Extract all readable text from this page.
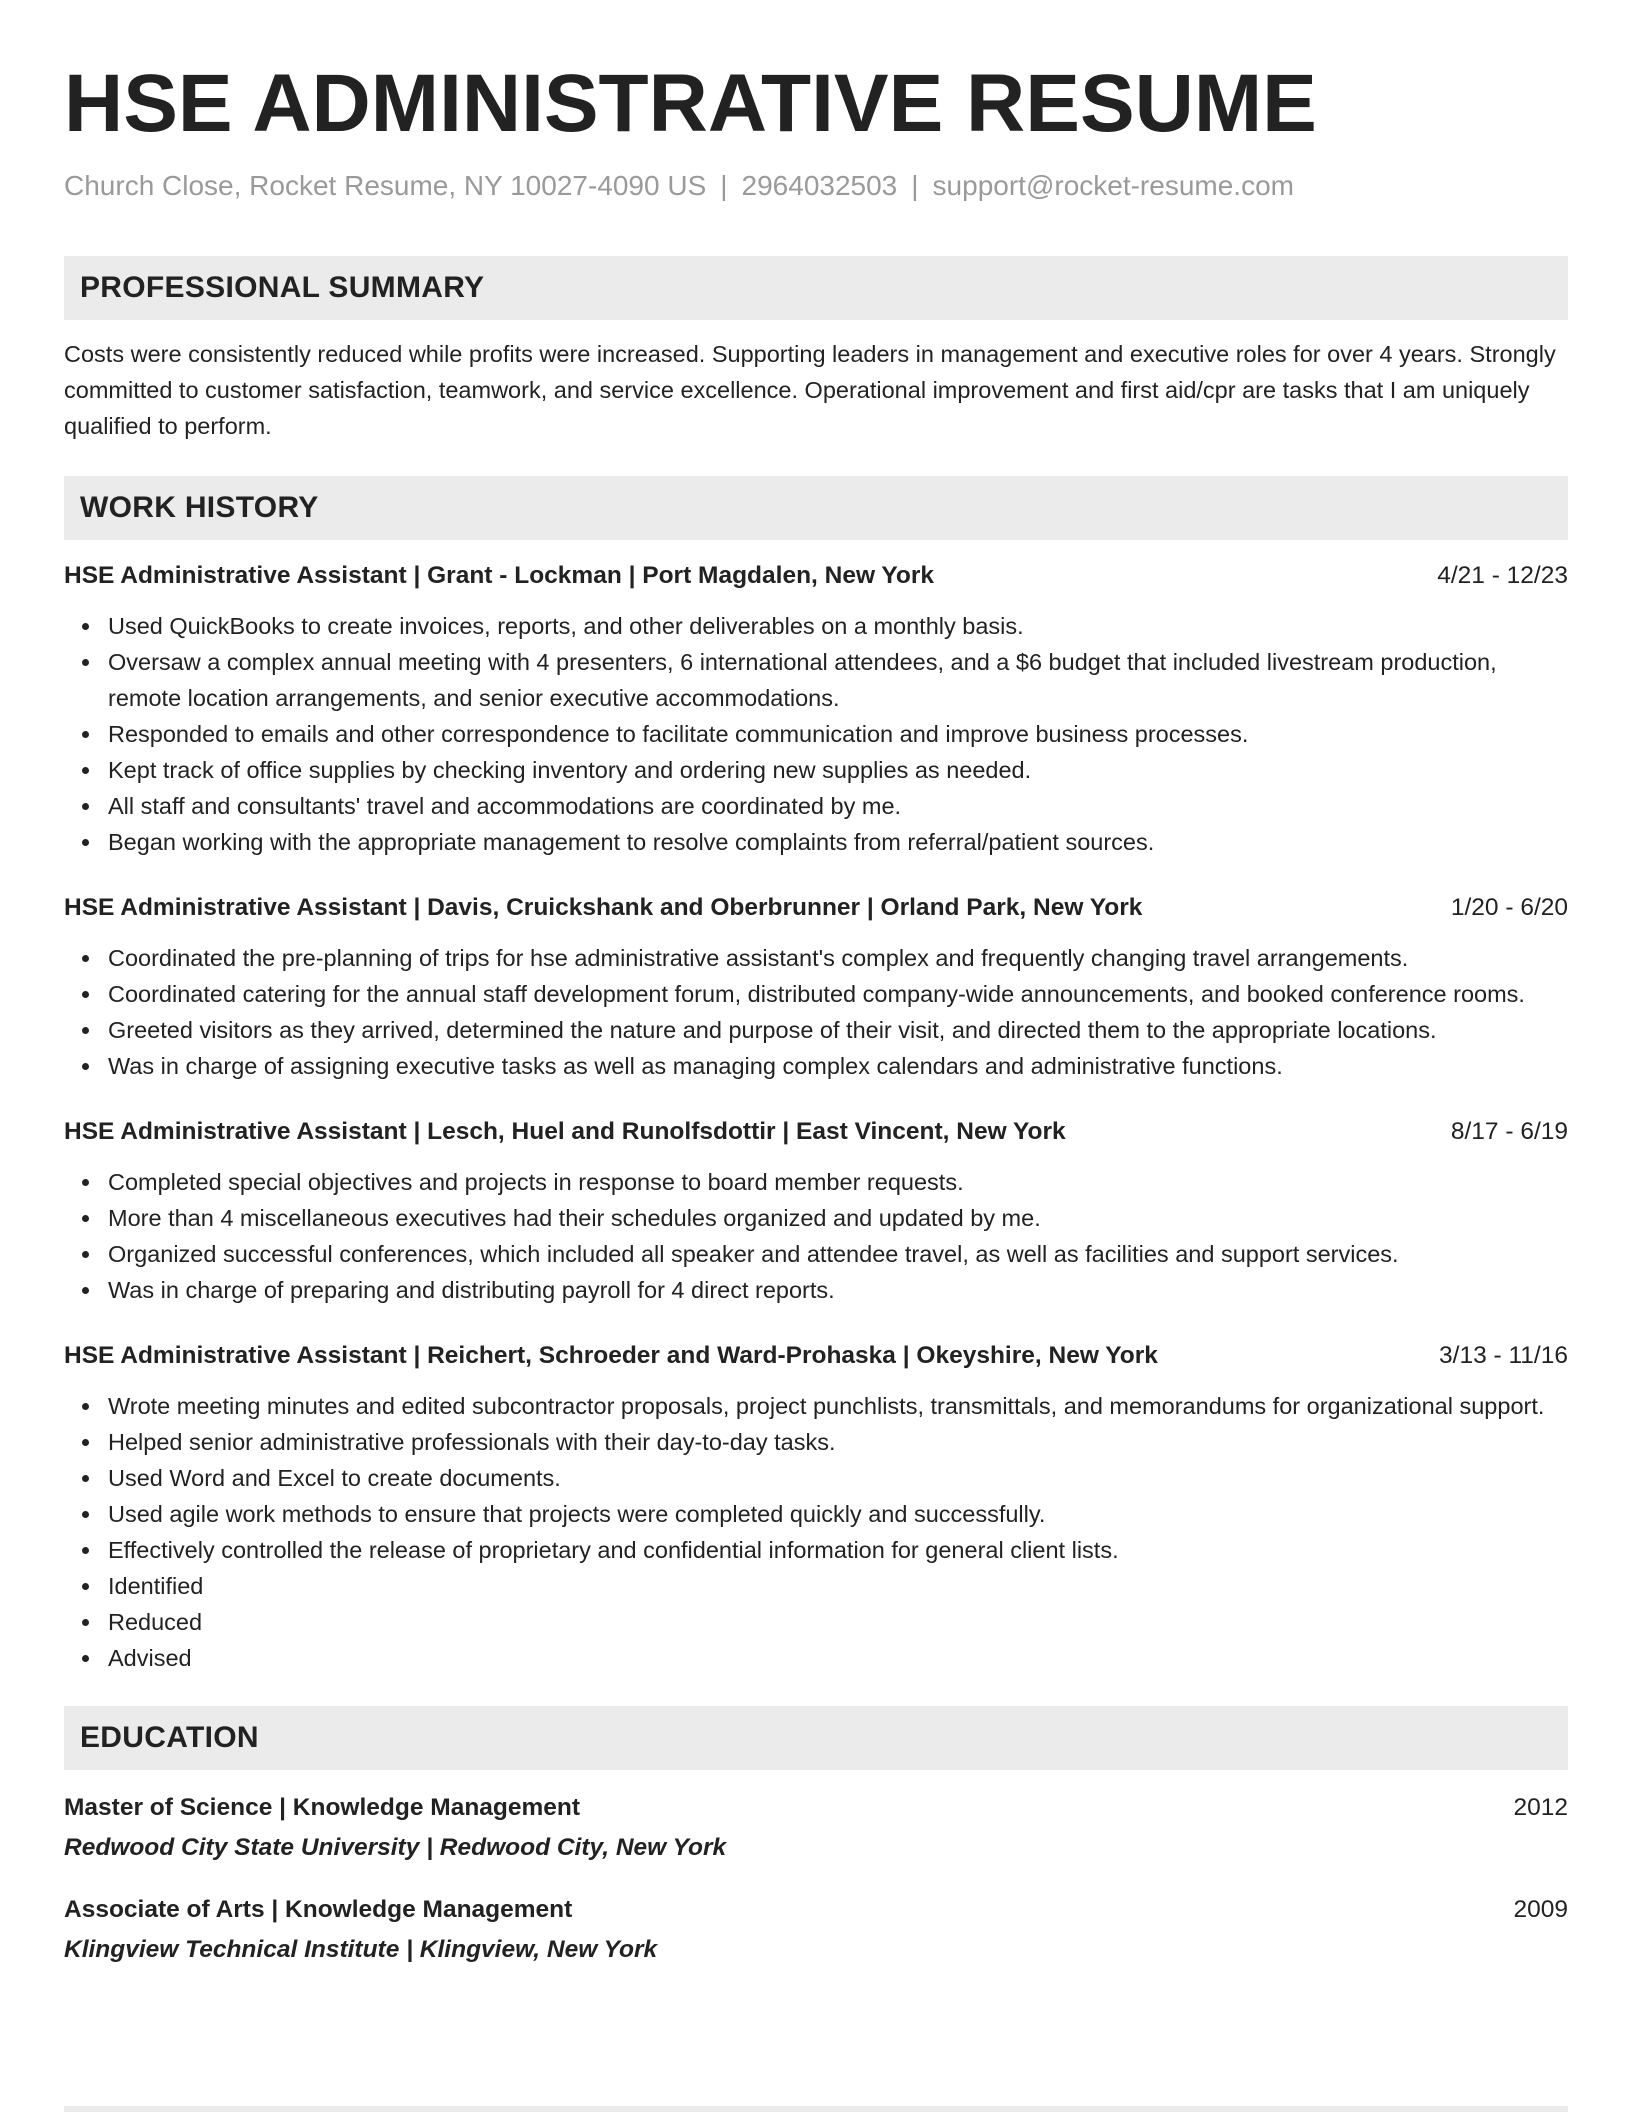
HSE ADMINISTRATIVE RESUME
Church Close, Rocket Resume, NY 10027-4090 US | 2964032503 | support@rocket-resume.com
PROFESSIONAL SUMMARY

Costs were consistently reduced while profits were increased. Supporting leaders in management and executive roles for over 4 years. Strongly committed to customer satisfaction, teamwork, and service excellence. Operational improvement and first aid/cpr are tasks that I am uniquely qualified to perform.

WORK HISTORY
HSE Administrative Assistant | Grant - Lockman | Port Magdalen, New York	4/21 - 12/23
Used QuickBooks to create invoices, reports, and other deliverables on a monthly basis.
Oversaw a complex annual meeting with 4 presenters, 6 international attendees, and a $6 budget that included livestream production, remote location arrangements, and senior executive accommodations.
Responded to emails and other correspondence to facilitate communication and improve business processes.
Kept track of office supplies by checking inventory and ordering new supplies as needed.
All staff and consultants' travel and accommodations are coordinated by me.
Began working with the appropriate management to resolve complaints from referral/patient sources.
HSE Administrative Assistant | Davis, Cruickshank and Oberbrunner | Orland Park, New York	1/20 - 6/20
Coordinated the pre-planning of trips for hse administrative assistant's complex and frequently changing travel arrangements.
Coordinated catering for the annual staff development forum, distributed company-wide announcements, and booked conference rooms.
Greeted visitors as they arrived, determined the nature and purpose of their visit, and directed them to the appropriate locations.
Was in charge of assigning executive tasks as well as managing complex calendars and administrative functions.
HSE Administrative Assistant | Lesch, Huel and Runolfsdottir | East Vincent, New York	8/17 - 6/19
Completed special objectives and projects in response to board member requests.
More than 4 miscellaneous executives had their schedules organized and updated by me.
Organized successful conferences, which included all speaker and attendee travel, as well as facilities and support services.
Was in charge of preparing and distributing payroll for 4 direct reports.
HSE Administrative Assistant | Reichert, Schroeder and Ward-Prohaska | Okeyshire, New York	3/13 - 11/16
Wrote meeting minutes and edited subcontractor proposals, project punchlists, transmittals, and memorandums for organizational support.
Helped senior administrative professionals with their day-to-day tasks.
Used Word and Excel to create documents.
Used agile work methods to ensure that projects were completed quickly and successfully.
Effectively controlled the release of proprietary and confidential information for general client lists.
Identified
Reduced
Advised
EDUCATION
Master of Science | Knowledge Management	2012
Redwood City State University | Redwood City, New York
Associate of Arts | Knowledge Management	2009
Klingview Technical Institute | Klingview, New York
